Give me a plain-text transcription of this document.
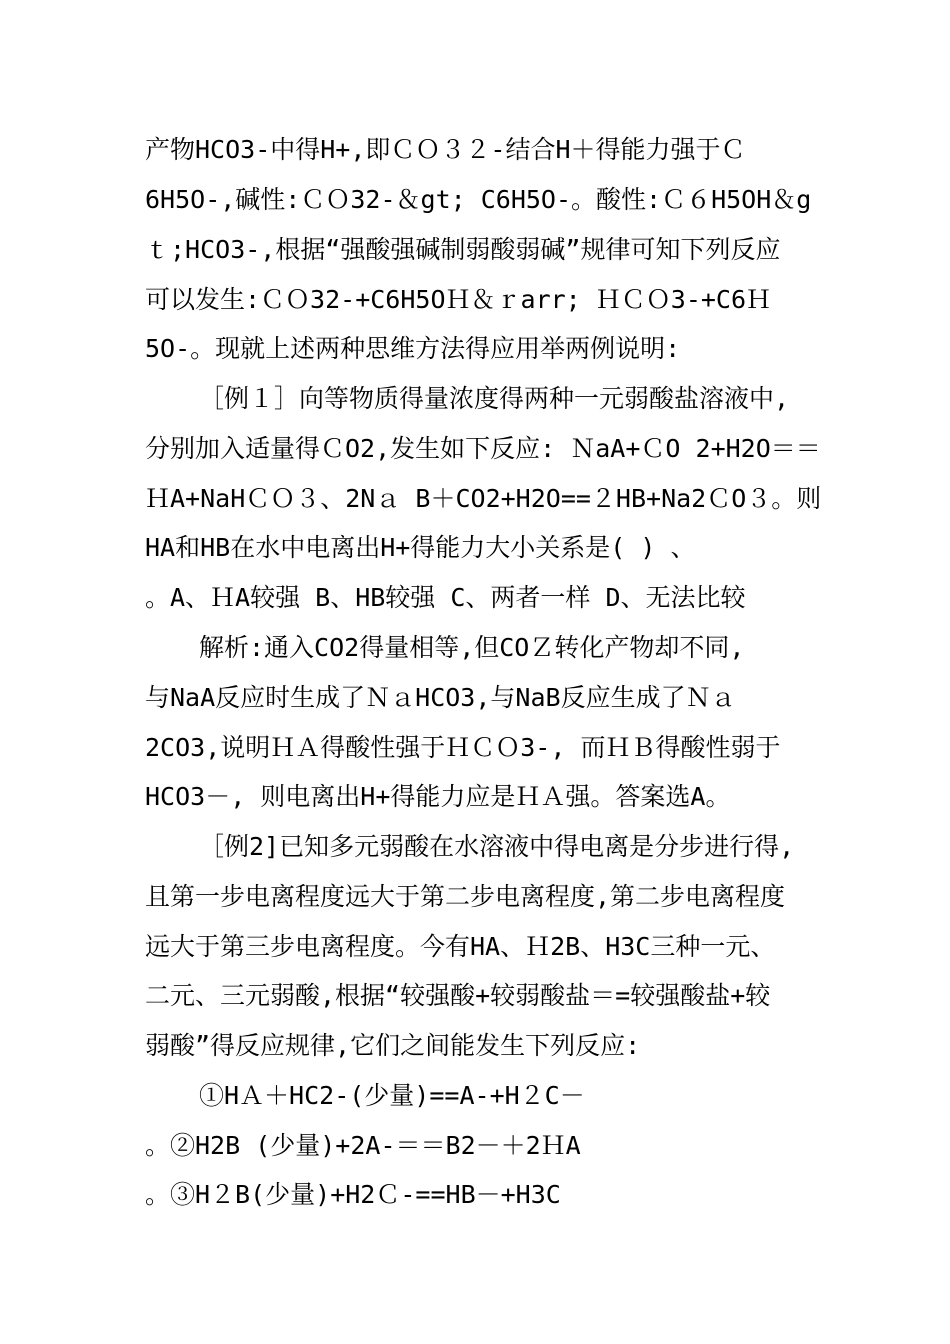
产物HCO3-中得H+,即ＣＯ３２-结合H＋得能力强于Ｃ
6H5O-,碱性:ＣＯ32-＆gt; C6H5O-。酸性:Ｃ６H5OH＆g
ｔ;HCO3-,根据“强酸强碱制弱酸弱碱”规律可知下列反应
可以发生:ＣＯ32-+C6H5OＨ＆ｒarr; ＨＣＯ3-+C6Ｈ
5O-。现就上述两种思维方法得应用举两例说明:
［例１］向等物质得量浓度得两种一元弱酸盐溶液中,
分别加入适量得ＣO2,发生如下反应: ＮaA+ＣO 2+H2O＝＝
ＨA+NaHＣＯ３、2Nａ B＋CO2+H2O==２HB+Na2ＣO３。则
HA和HB在水中电离出H+得能力大小关系是( ) 、
。A、ＨA较强 B、HB较强 C、两者一样 D、无法比较
解析:通入CO2得量相等,但COＺ转化产物却不同,
与NaA反应时生成了ＮａHCO3,与NaB反应生成了Ｎａ
2CO3,说明ＨＡ得酸性强于ＨＣＯ3-, 而ＨＢ得酸性弱于
HCO3－, 则电离出H+得能力应是ＨＡ强。答案选A。
［例2]已知多元弱酸在水溶液中得电离是分步进行得,
且第一步电离程度远大于第二步电离程度,第二步电离程度
远大于第三步电离程度。今有HA、Ｈ2B、H3C三种一元、
二元、三元弱酸,根据“较强酸+较弱酸盐＝=较强酸盐+较
弱酸”得反应规律,它们之间能发生下列反应:
①HＡ＋HC2-(少量)==A-+H２C－
。②H2B (少量)+2A-＝＝B2－＋2ＨA
。③H２B(少量)+H2Ｃ-==HB－+H3C
